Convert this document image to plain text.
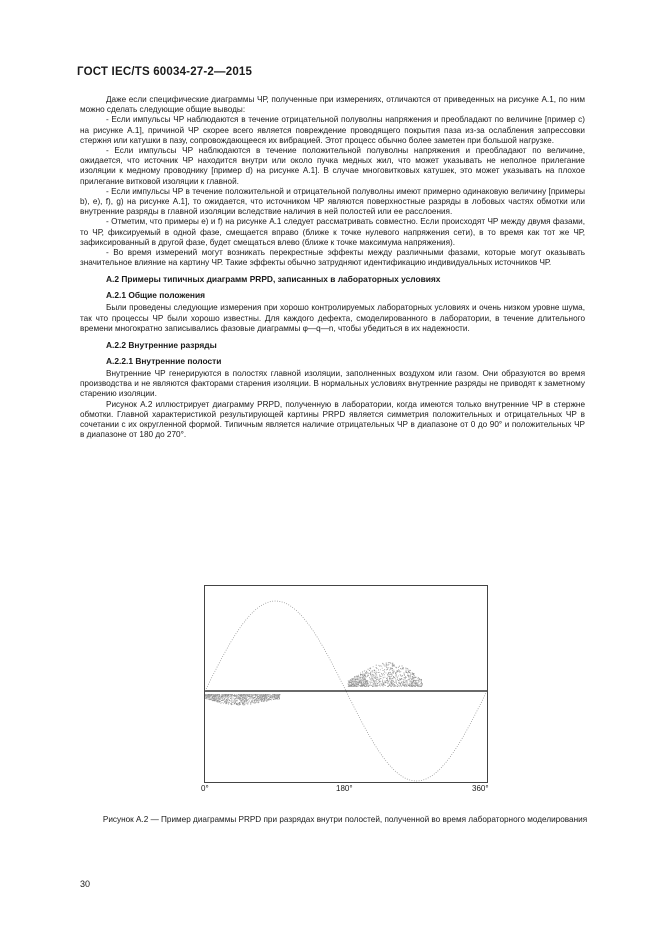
ГОСТ IEC/TS 60034-27-2—2015

Даже если специфические диаграммы ЧР, полученные при измерениях, отличаются от приведенных на рисунке А.1, по ним можно сделать следующие общие выводы:

- Если импульсы ЧР наблюдаются в течение отрицательной полуволны напряжения и преобладают по величине [пример с) на рисунке А.1], причиной ЧР скорее всего является повреждение проводящего покрытия паза из-за ослабления запрессовки стержня или катушки в пазу, сопровождающееся их вибрацией. Этот процесс обычно более заметен при большой нагрузке.

- Если импульсы ЧР наблюдаются в течение положительной полуволны напряжения и преобладают по величине, ожидается, что источник ЧР находится внутри или около пучка медных жил, что может указывать не неполное прилегание изоляции к медному проводнику [пример d) на рисунке А.1]. В случае многовитковых катушек, это может указывать на плохое прилегание витковой изоляции к главной.

- Если импульсы ЧР в течение положительной и отрицательной полуволны имеют примерно одинаковую величину [примеры b), е), f), g) на рисунке А.1], то ожидается, что источником ЧР являются поверхностные разряды в лобовых частях обмотки или внутренние разряды в главной изоляции вследствие наличия в ней полостей или ее расслоения.

- Отметим, что примеры е) и f) на рисунке А.1 следует рассматривать совместно. Если происходят ЧР между двумя фазами, то ЧР, фиксируемый в одной фазе, смещается вправо (ближе к точке нулевого напряжения сети), в то время как тот же ЧР, зафиксированный в другой фазе, будет смещаться влево (ближе к точке максимума напряжения).

- Во время измерений могут возникать перекрестные эффекты между различными фазами, которые могут оказывать значительное влияние на картину ЧР. Такие эффекты обычно затрудняют идентификацию индивидуальных источников ЧР.

А.2 Примеры типичных диаграмм PRPD, записанных в лабораторных условиях
А.2.1 Общие положения

Были проведены следующие измерения при хорошо контролируемых лабораторных условиях и очень низком уровне шума, так что процессы ЧР были хорошо известны. Для каждого дефекта, смоделированного в лаборатории, в течение длительного времени многократно записывались фазовые диаграммы φ—q—n, чтобы убедиться в их надежности.

А.2.2 Внутренние разряды
А.2.2.1 Внутренние полости

Внутренние ЧР генерируются в полостях главной изоляции, заполненных воздухом или газом. Они образуются во время производства и не являются факторами старения изоляции. В нормальных условиях внутренние разряды не приводят к заметному старению изоляции.

Рисунок А.2 иллюстрирует диаграмму PRPD, полученную в лаборатории, когда имеются только внутренние ЧР в стержне обмотки. Главной характеристикой результирующей картины PRPD является симметрия положительных и отрицательных ЧР в сочетании с их округленной формой. Типичным является наличие отрицательных ЧР в диапазоне от 0 до 90° и положительных ЧР в диапазоне от 180 до 270°.

0°	180°	360°
Рисунок А.2 — Пример диаграммы PRPD при разрядах внутри полостей, полученной во время лабораторного моделирования
30
